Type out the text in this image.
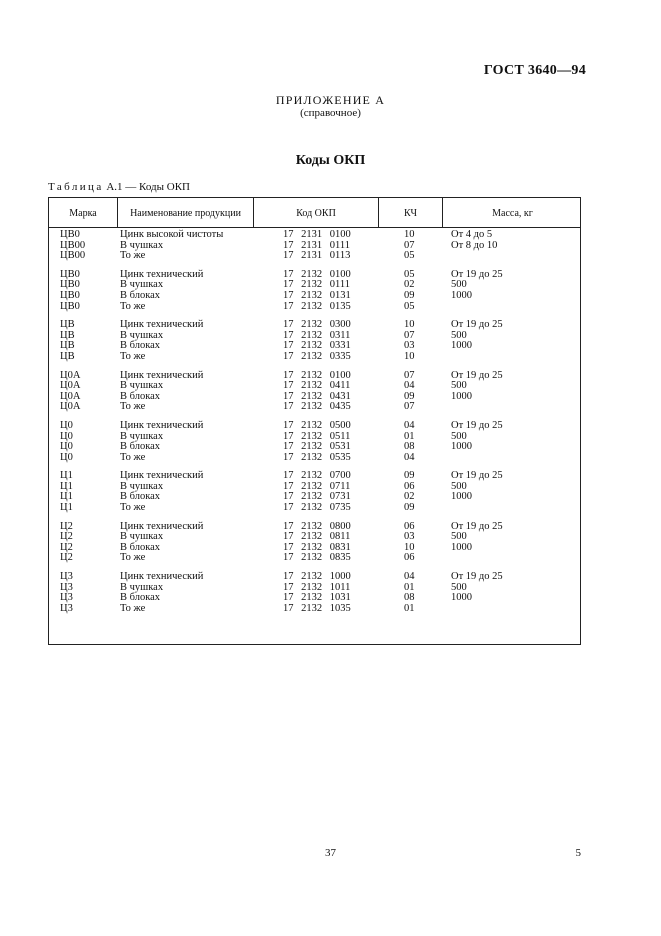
ГОСТ 3640—94
ПРИЛОЖЕНИЕ А
(справочное)
Коды ОКП
Таблица А.1 — Коды ОКП
Марка	Наименование продукции	Код ОКП	КЧ	Масса, кг
ЦВ0	Цинк высокой чистоты	17 2131 0100	10	От 4 до 5
ЦВ00	В чушках	17 2131 0111	07	От 8 до 10
ЦВ00	То же	17 2131 0113	05
ЦВ0	Цинк технический	17 2132 0100	05	От 19 до 25
ЦВ0	В чушках	17 2132 0111	02	500
ЦВ0	В блоках	17 2132 0131	09	1000
ЦВ0	То же	17 2132 0135	05
ЦВ	Цинк технический	17 2132 0300	10	От 19 до 25
ЦВ	В чушках	17 2132 0311	07	500
ЦВ	В блоках	17 2132 0331	03	1000
ЦВ	То же	17 2132 0335	10
Ц0А	Цинк технический	17 2132 0100	07	От 19 до 25
Ц0А	В чушках	17 2132 0411	04	500
Ц0А	В блоках	17 2132 0431	09	1000
Ц0А	То же	17 2132 0435	07
Ц0	Цинк технический	17 2132 0500	04	От 19 до 25
Ц0	В чушках	17 2132 0511	01	500
Ц0	В блоках	17 2132 0531	08	1000
Ц0	То же	17 2132 0535	04
Ц1	Цинк технический	17 2132 0700	09	От 19 до 25
Ц1	В чушках	17 2132 0711	06	500
Ц1	В блоках	17 2132 0731	02	1000
Ц1	То же	17 2132 0735	09
Ц2	Цинк технический	17 2132 0800	06	От 19 до 25
Ц2	В чушках	17 2132 0811	03	500
Ц2	В блоках	17 2132 0831	10	1000
Ц2	То же	17 2132 0835	06
Ц3	Цинк технический	17 2132 1000	04	От 19 до 25
Ц3	В чушках	17 2132 1011	01	500
Ц3	В блоках	17 2132 1031	08	1000
Ц3	То же	17 2132 1035	01
37	5
